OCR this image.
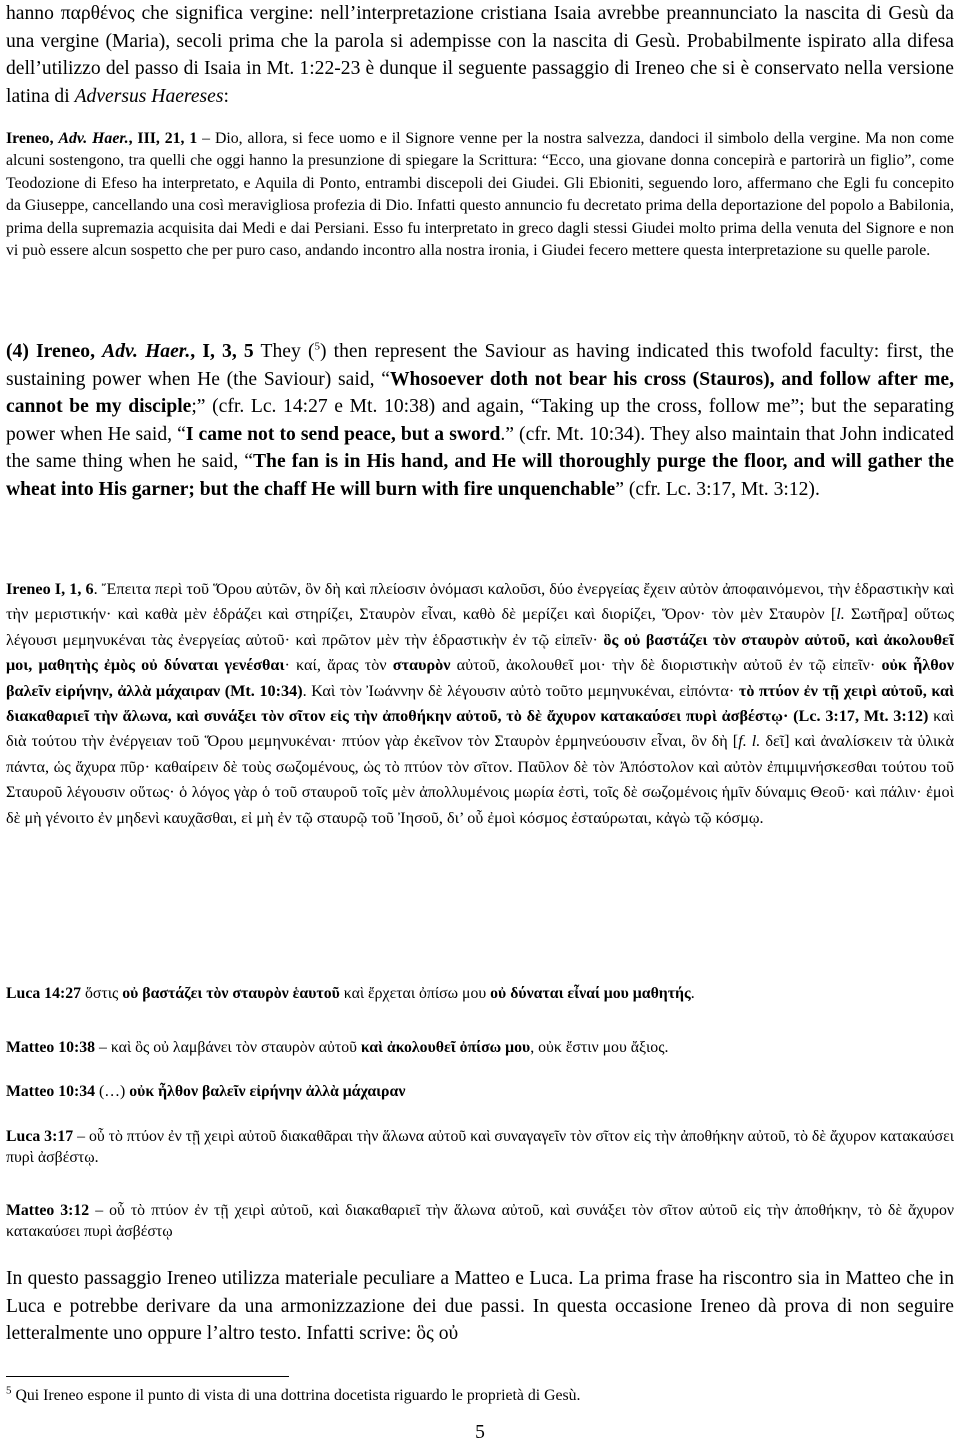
hanno παρθένος che significa vergine: nell’interpretazione cristiana Isaia avrebbe preannunciato la nascita di Gesù da una vergine (Maria), secoli prima che la parola si adempisse con la nascita di Gesù. Probabilmente ispirato alla difesa dell’utilizzo del passo di Isaia in Mt. 1:22-23 è dunque il seguente passaggio di Ireneo che si è conservato nella versione latina di Adversus Haereses:

Ireneo, Adv. Haer., III, 21, 1 – Dio, allora, si fece uomo e il Signore venne per la nostra salvezza, dandoci il simbolo della vergine. Ma non come alcuni sostengono, tra quelli che oggi hanno la presunzione di spiegare la Scrittura: “Ecco, una giovane donna concepirà e partorirà un figlio”, come Teodozione di Efeso ha interpretato, e Aquila di Ponto, entrambi discepoli dei Giudei. Gli Ebioniti, seguendo loro, affermano che Egli fu concepito da Giuseppe, cancellando una così meravigliosa profezia di Dio. Infatti questo annuncio fu decretato prima della deportazione del popolo a Babilonia, prima della supremazia acquisita dai Medi e dai Persiani. Esso fu interpretato in greco dagli stessi Giudei molto prima della venuta del Signore e non vi può essere alcun sospetto che per puro caso, andando incontro alla nostra ironia, i Giudei fecero mettere questa interpretazione su quelle parole.

(4) Ireneo, Adv. Haer., I, 3, 5 They ($^5$) then represent the Saviour as having indicated this twofold faculty: first, the sustaining power when He (the Saviour) said, “Whosoever doth not bear his cross (Stauros), and follow after me, cannot be my disciple;” (cfr. Lc. 14:27 e Mt. 10:38) and again, “Taking up the cross, follow me”; but the separating power when He said, “I came not to send peace, but a sword.” (cfr. Mt. 10:34). They also maintain that John indicated the same thing when he said, “The fan is in His hand, and He will thoroughly purge the floor, and will gather the wheat into His garner; but the chaff He will burn with fire unquenchable” (cfr. Lc. 3:17, Mt. 3:12).

Ireneo I, 1, 6. Ἔπειτα περὶ τοῦ Ὅρου αὐτῶν, ὃν δὴ καὶ πλείοσιν ὀνόμασι καλοῦσι, δύο ἐνεργείας ἔχειν αὐτὸν ἀποφαινόμενοι, τὴν ἑδραστικὴν καὶ τὴν μεριστικήν· καὶ καθὰ μὲν ἑδράζει καὶ στηρίζει, Σταυρὸν εἶναι, καθὸ δὲ μερίζει καὶ διορίζει, Ὅρον· τὸν μὲν Σταυρὸν [l. Σωτῆρα] οὕτως λέγουσι μεμηνυκέναι τὰς ἐνεργείας αὐτοῦ· καὶ πρῶτον μὲν τὴν ἑδραστικὴν ἐν τῷ εἰπεῖν· ὃς οὐ βαστάζει τὸν σταυρὸν αὐτοῦ, καὶ ἀκολουθεῖ μοι, μαθητὴς ἐμὸς οὐ δύναται γενέσθαι· καί, ἄρας τὸν σταυρὸν αὐτοῦ, ἀκολουθεῖ μοι· τὴν δὲ διοριστικὴν αὐτοῦ ἐν τῷ εἰπεῖν· οὐκ ἦλθον βαλεῖν εἰρήνην, ἀλλὰ μάχαιραν (Mt. 10:34). Καὶ τὸν Ἰωάννην δὲ λέγουσιν αὐτὸ τοῦτο μεμηνυκέναι, εἰπόντα· τὸ πτύον ἐν τῇ χειρὶ αὐτοῦ, καὶ διακαθαριεῖ τὴν ἅλωνα, καὶ συνάξει τὸν σῖτον εἰς τὴν ἀποθήκην αὐτοῦ, τὸ δὲ ἄχυρον κατακαύσει πυρὶ ἀσβέστῳ· (Lc. 3:17, Mt. 3:12) καὶ διὰ τούτου τὴν ἐνέργειαν τοῦ Ὅρου μεμηνυκέναι· πτύον γὰρ ἐκεῖνον τὸν Σταυρὸν ἑρμηνεύουσιν εἶναι, ὃν δὴ [f. l. δεῖ] καὶ ἀναλίσκειν τὰ ὑλικὰ πάντα, ὡς ἄχυρα πῦρ· καθαίρειν δὲ τοὺς σωζομένους, ὡς τὸ πτύον τὸν σῖτον. Παῦλον δὲ τὸν Ἀπόστολον καὶ αὐτὸν ἐπιμιμνήσκεσθαι τούτου τοῦ Σταυροῦ λέγουσιν οὕτως· ὁ λόγος γὰρ ὁ τοῦ σταυροῦ τοῖς μὲν ἀπολλυμένοις μωρία ἐστὶ, τοῖς δὲ σωζομένοις ἡμῖν δύναμις Θεοῦ· καὶ πάλιν· ἐμοὶ δὲ μὴ γένοιτο ἐν μηδενὶ καυχᾶσθαι, εἰ μὴ ἐν τῷ σταυρῷ τοῦ Ἰησοῦ, δι’ οὗ ἐμοὶ κόσμος ἐσταύρωται, κἀγὼ τῷ κόσμῳ.

Luca 14:27 ὅστις οὐ βαστάζει τὸν σταυρὸν ἑαυτοῦ καὶ ἔρχεται ὀπίσω μου οὐ δύναται εἶναί μου μαθητής.

Matteo 10:38 – καὶ ὃς οὐ λαμβάνει τὸν σταυρὸν αὐτοῦ καὶ ἀκολουθεῖ ὀπίσω μου, οὐκ ἔστιν μου ἄξιος.

Matteo 10:34 (…) οὐκ ἦλθον βαλεῖν εἰρήνην ἀλλὰ μάχαιραν

Luca 3:17 – οὗ τὸ πτύον ἐν τῇ χειρὶ αὐτοῦ διακαθᾶραι τὴν ἅλωνα αὐτοῦ καὶ συναγαγεῖν τὸν σῖτον εἰς τὴν ἀποθήκην αὐτοῦ, τὸ δὲ ἄχυρον κατακαύσει πυρὶ ἀσβέστῳ.

Matteo 3:12 – οὗ τὸ πτύον ἐν τῇ χειρὶ αὐτοῦ, καὶ διακαθαριεῖ τὴν ἅλωνα αὐτοῦ, καὶ συνάξει τὸν σῖτον αὐτοῦ εἰς τὴν ἀποθήκην, τὸ δὲ ἄχυρον κατακαύσει πυρὶ ἀσβέστῳ

In questo passaggio Ireneo utilizza materiale peculiare a Matteo e Luca. La prima frase ha riscontro sia in Matteo che in Luca e potrebbe derivare da una armonizzazione dei due passi. In questa occasione Ireneo dà prova di non seguire letteralmente uno oppure l’altro testo. Infatti scrive: ὃς οὐ

$^5$ Qui Ireneo espone il punto di vista di una dottrina docetista riguardo le proprietà di Gesù.
5
